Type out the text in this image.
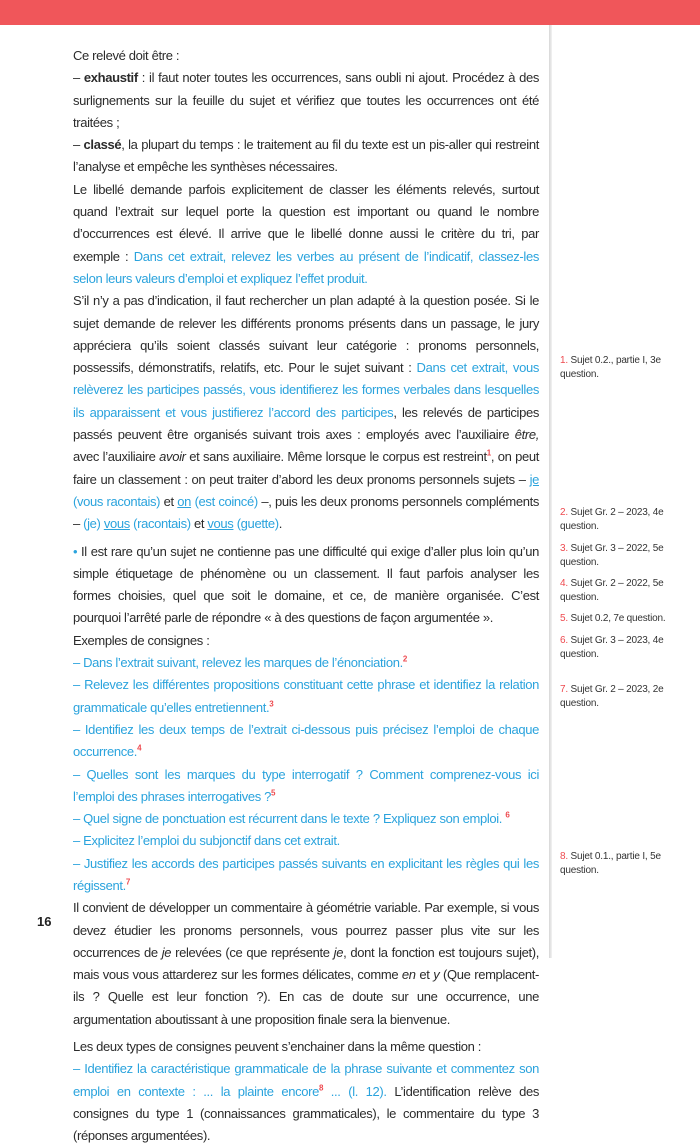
Ce relevé doit être :

– exhaustif : il faut noter toutes les occurrences, sans oubli ni ajout. Procédez à des surlignements sur la feuille du sujet et vérifiez que toutes les occurrences ont été traitées ;

– classé, la plupart du temps : le traitement au fil du texte est un pis-aller qui restreint l’analyse et empêche les synthèses nécessaires.

Le libellé demande parfois explicitement de classer les éléments relevés, surtout quand l’extrait sur lequel porte la question est important ou quand le nombre d’occurrences est élevé. Il arrive que le libellé donne aussi le critère du tri, par exemple : Dans cet extrait, relevez les verbes au présent de l’indicatif, classez-les selon leurs valeurs d’emploi et expliquez l’effet produit.

S’il n’y a pas d’indication, il faut rechercher un plan adapté à la question posée. Si le sujet demande de relever les différents pronoms présents dans un passage, le jury appréciera qu’ils soient classés suivant leur catégorie : pronoms personnels, possessifs, démonstratifs, relatifs, etc. Pour le sujet suivant : Dans cet extrait, vous relèverez les participes passés, vous identifierez les formes verbales dans lesquelles ils apparaissent et vous justifierez l’accord des participes, les relevés de participes passés peuvent être organisés suivant trois axes : employés avec l’auxiliaire être, avec l’auxiliaire avoir et sans auxiliaire. Même lorsque le corpus est restreint$^1$, on peut faire un classement : on peut traiter d’abord les deux pronoms personnels sujets – je (vous racontais) et on (est coincé) –, puis les deux pronoms personnels compléments – (je) vous (racontais) et vous (guette).

• Il est rare qu’un sujet ne contienne pas une difficulté qui exige d’aller plus loin qu’un simple étiquetage de phénomène ou un classement. Il faut parfois analyser les formes choisies, quel que soit le domaine, et ce, de manière organisée. C’est pourquoi l’arrêté parle de répondre « à des questions de façon argumentée ».

Exemples de consignes :

– Dans l’extrait suivant, relevez les marques de l’énonciation.$^2$

– Relevez les différentes propositions constituant cette phrase et identifiez la relation grammaticale qu’elles entretiennent.$^3$

– Identifiez les deux temps de l’extrait ci-dessous puis précisez l’emploi de chaque occurrence.$^4$

– Quelles sont les marques du type interrogatif ? Comment comprenez-vous ici l’emploi des phrases interrogatives ?$^5$

– Quel signe de ponctuation est récurrent dans le texte ? Expliquez son emploi. $^6$

– Explicitez l’emploi du subjonctif dans cet extrait.

– Justifiez les accords des participes passés suivants en explicitant les règles qui les régissent.$^7$

Il convient de développer un commentaire à géométrie variable. Par exemple, si vous devez étudier les pronoms personnels, vous pourrez passer plus vite sur les occurrences de je relevées (ce que représente je, dont la fonction est toujours sujet), mais vous vous attarderez sur les formes délicates, comme en et y (Que remplacent-ils ? Quelle est leur fonction ?). En cas de doute sur une occurrence, une argumentation aboutissant à une proposition finale sera la bienvenue.

Les deux types de consignes peuvent s’enchainer dans la même question :

– Identifiez la caractéristique grammaticale de la phrase suivante et commentez son emploi en contexte : ... la plainte encore$^8$ ... (l. 12). L’identification relève des consignes du type 1 (connaissances grammaticales), le commentaire du type 3 (réponses argumentées).

1. Sujet 0.2., partie I, 3e question.
2. Sujet Gr. 2 – 2023, 4e question.
3. Sujet Gr. 3 – 2022, 5e question.
4. Sujet Gr. 2 – 2022, 5e question.
5. Sujet 0.2, 7e question.
6. Sujet Gr. 3 – 2023, 4e question.
7. Sujet Gr. 2 – 2023, 2e question.
8. Sujet 0.1., partie I, 5e question.
16
